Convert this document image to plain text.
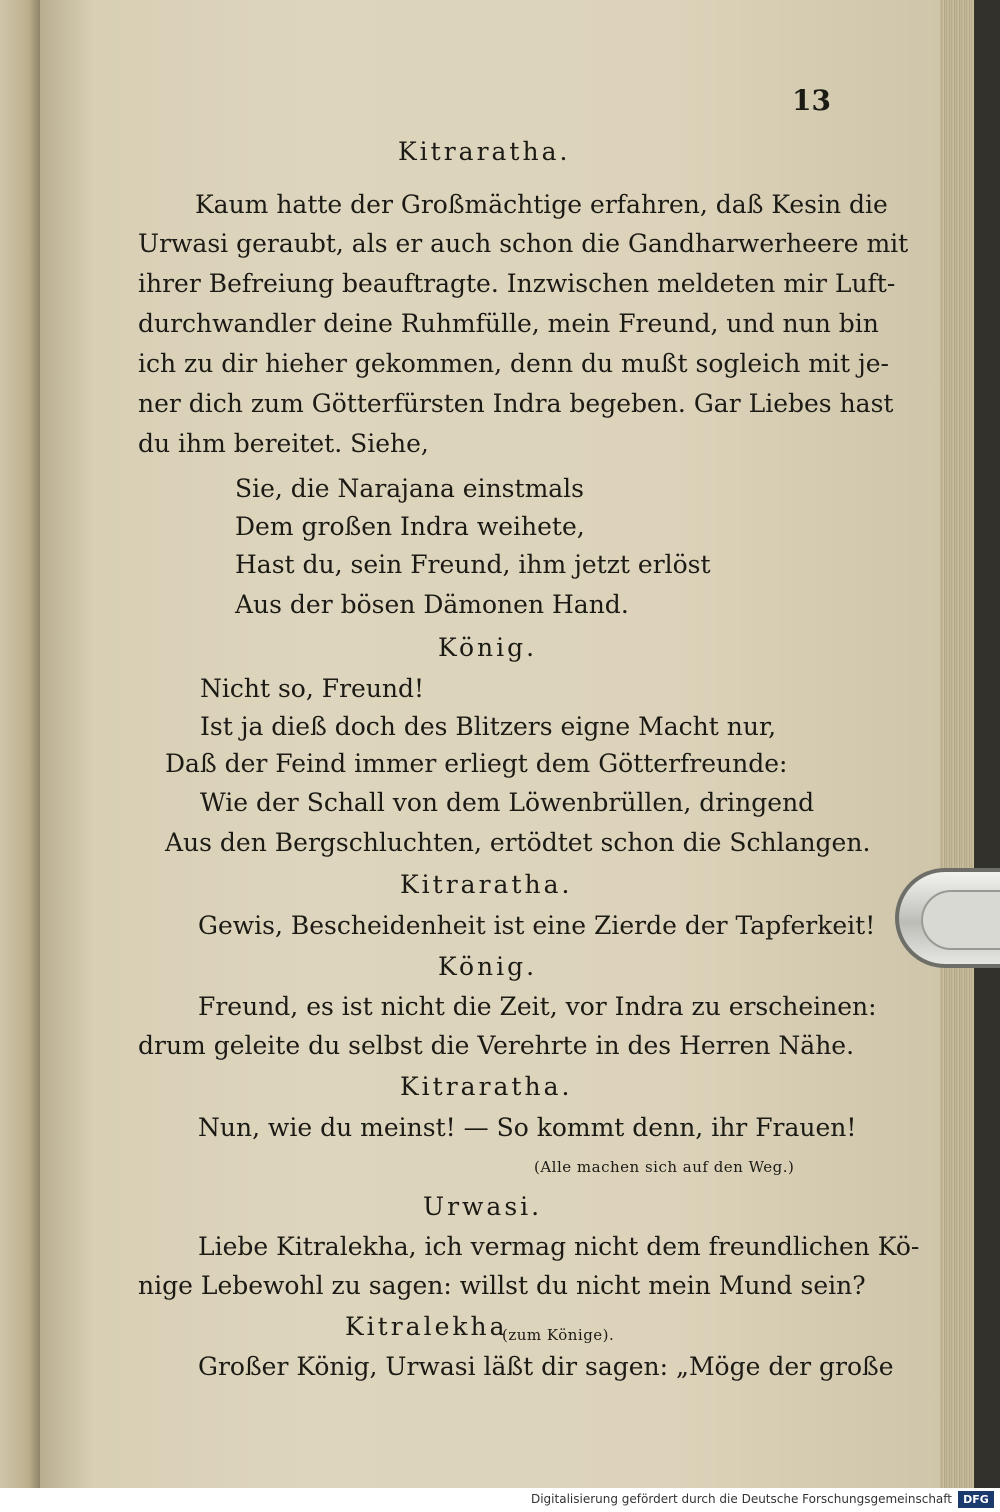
13
Kitraratha.
Kaum hatte der Großmächtige erfahren, daß Kesin die
Urwasi geraubt, als er auch schon die Gandharwerheere mit
ihrer Befreiung beauftragte. Inzwischen meldeten mir Luft-
durchwandler deine Ruhmfülle, mein Freund, und nun bin
ich zu dir hieher gekommen, denn du mußt sogleich mit je-
ner dich zum Götterfürsten Indra begeben. Gar Liebes hast
du ihm bereitet. Siehe,
Sie, die Narajana einstmals
Dem großen Indra weihete,
Hast du, sein Freund, ihm jetzt erlöst
Aus der bösen Dämonen Hand.
König.
Nicht so, Freund!
Ist ja dieß doch des Blitzers eigne Macht nur,
Daß der Feind immer erliegt dem Götterfreunde:
Wie der Schall von dem Löwenbrüllen, dringend
Aus den Bergschluchten, ertödtet schon die Schlangen.
Kitraratha.
Gewis, Bescheidenheit ist eine Zierde der Tapferkeit!
König.
Freund, es ist nicht die Zeit, vor Indra zu erscheinen:
drum geleite du selbst die Verehrte in des Herren Nähe.
Kitraratha.
Nun, wie du meinst! — So kommt denn, ihr Frauen!
(Alle machen sich auf den Weg.)
Urwasi.
Liebe Kitralekha, ich vermag nicht dem freundlichen Kö-
nige Lebewohl zu sagen: willst du nicht mein Mund sein?
Kitralekha
(zum Könige).
Großer König, Urwasi läßt dir sagen: „Möge der große
Digitalisierung gefördert durch die Deutsche Forschungsgemeinschaft	DFG
